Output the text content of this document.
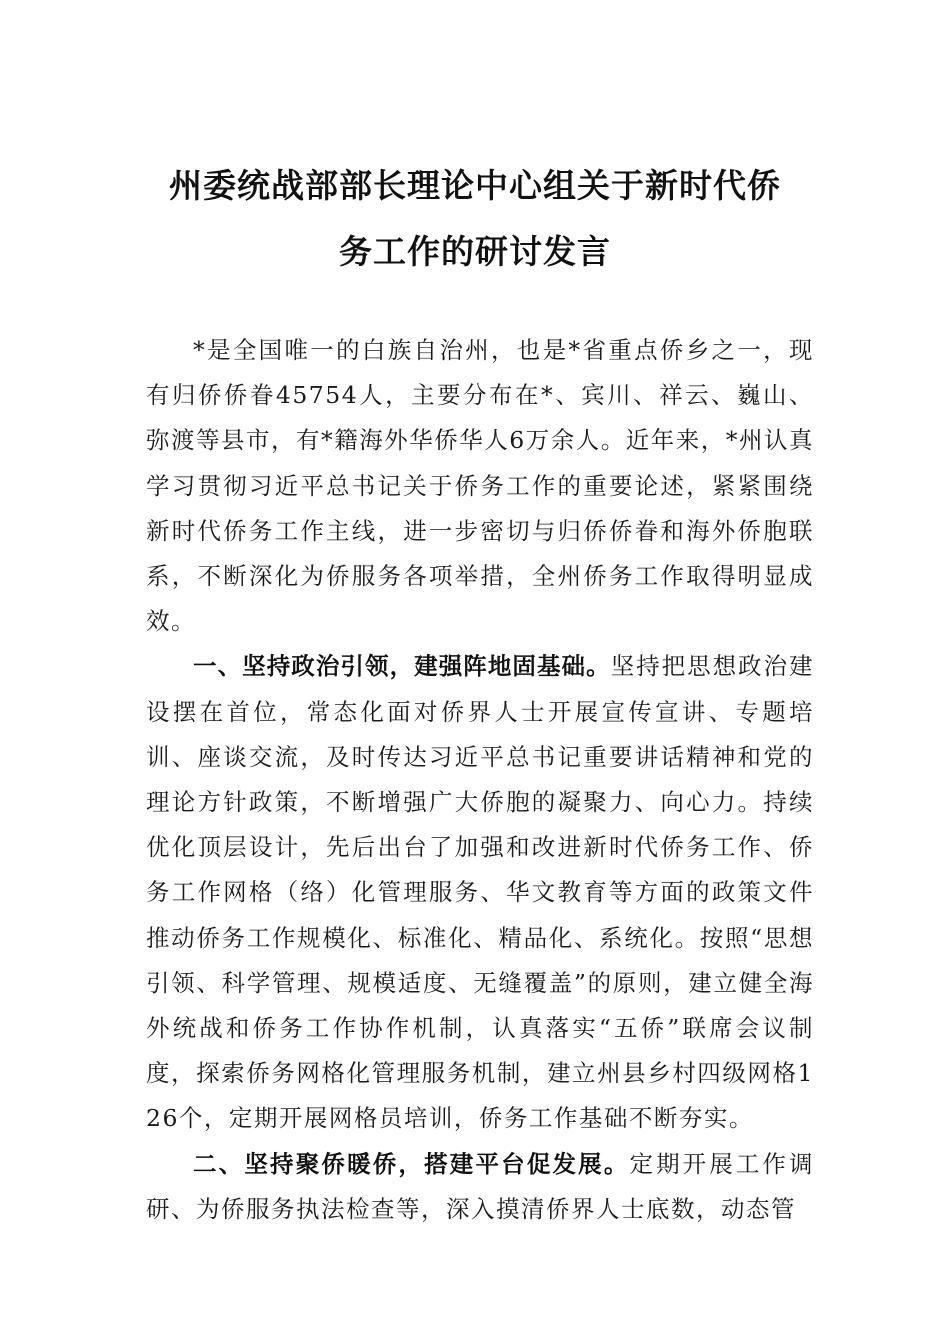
州委统战部部长理论中心组关于新时代侨
务工作的研讨发言

*是全国唯一的白族自治州，也是*省重点侨乡之一，现有归侨侨眷45754人，主要分布在*、宾川、祥云、巍山、弥渡等县市，有*籍海外华侨华人6万余人。近年来，*州认真学习贯彻习近平总书记关于侨务工作的重要论述，紧紧围绕新时代侨务工作主线，进一步密切与归侨侨眷和海外侨胞联系，不断深化为侨服务各项举措，全州侨务工作取得明显成效。

一、坚持政治引领，建强阵地固基础。坚持把思想政治建设摆在首位，常态化面对侨界人士开展宣传宣讲、专题培训、座谈交流，及时传达习近平总书记重要讲话精神和党的理论方针政策，不断增强广大侨胞的凝聚力、向心力。持续优化顶层设计，先后出台了加强和改进新时代侨务工作、侨务工作网格（络）化管理服务、华文教育等方面的政策文件推动侨务工作规模化、标准化、精品化、系统化。按照“思想引领、科学管理、规模适度、无缝覆盖”的原则，建立健全海外统战和侨务工作协作机制，认真落实“五侨”联席会议制度，探索侨务网格化管理服务机制，建立州县乡村四级网格126个，定期开展网格员培训，侨务工作基础不断夯实。

二、坚持聚侨暖侨，搭建平台促发展。定期开展工作调研、为侨服务执法检查等，深入摸清侨界人士底数，动态管
